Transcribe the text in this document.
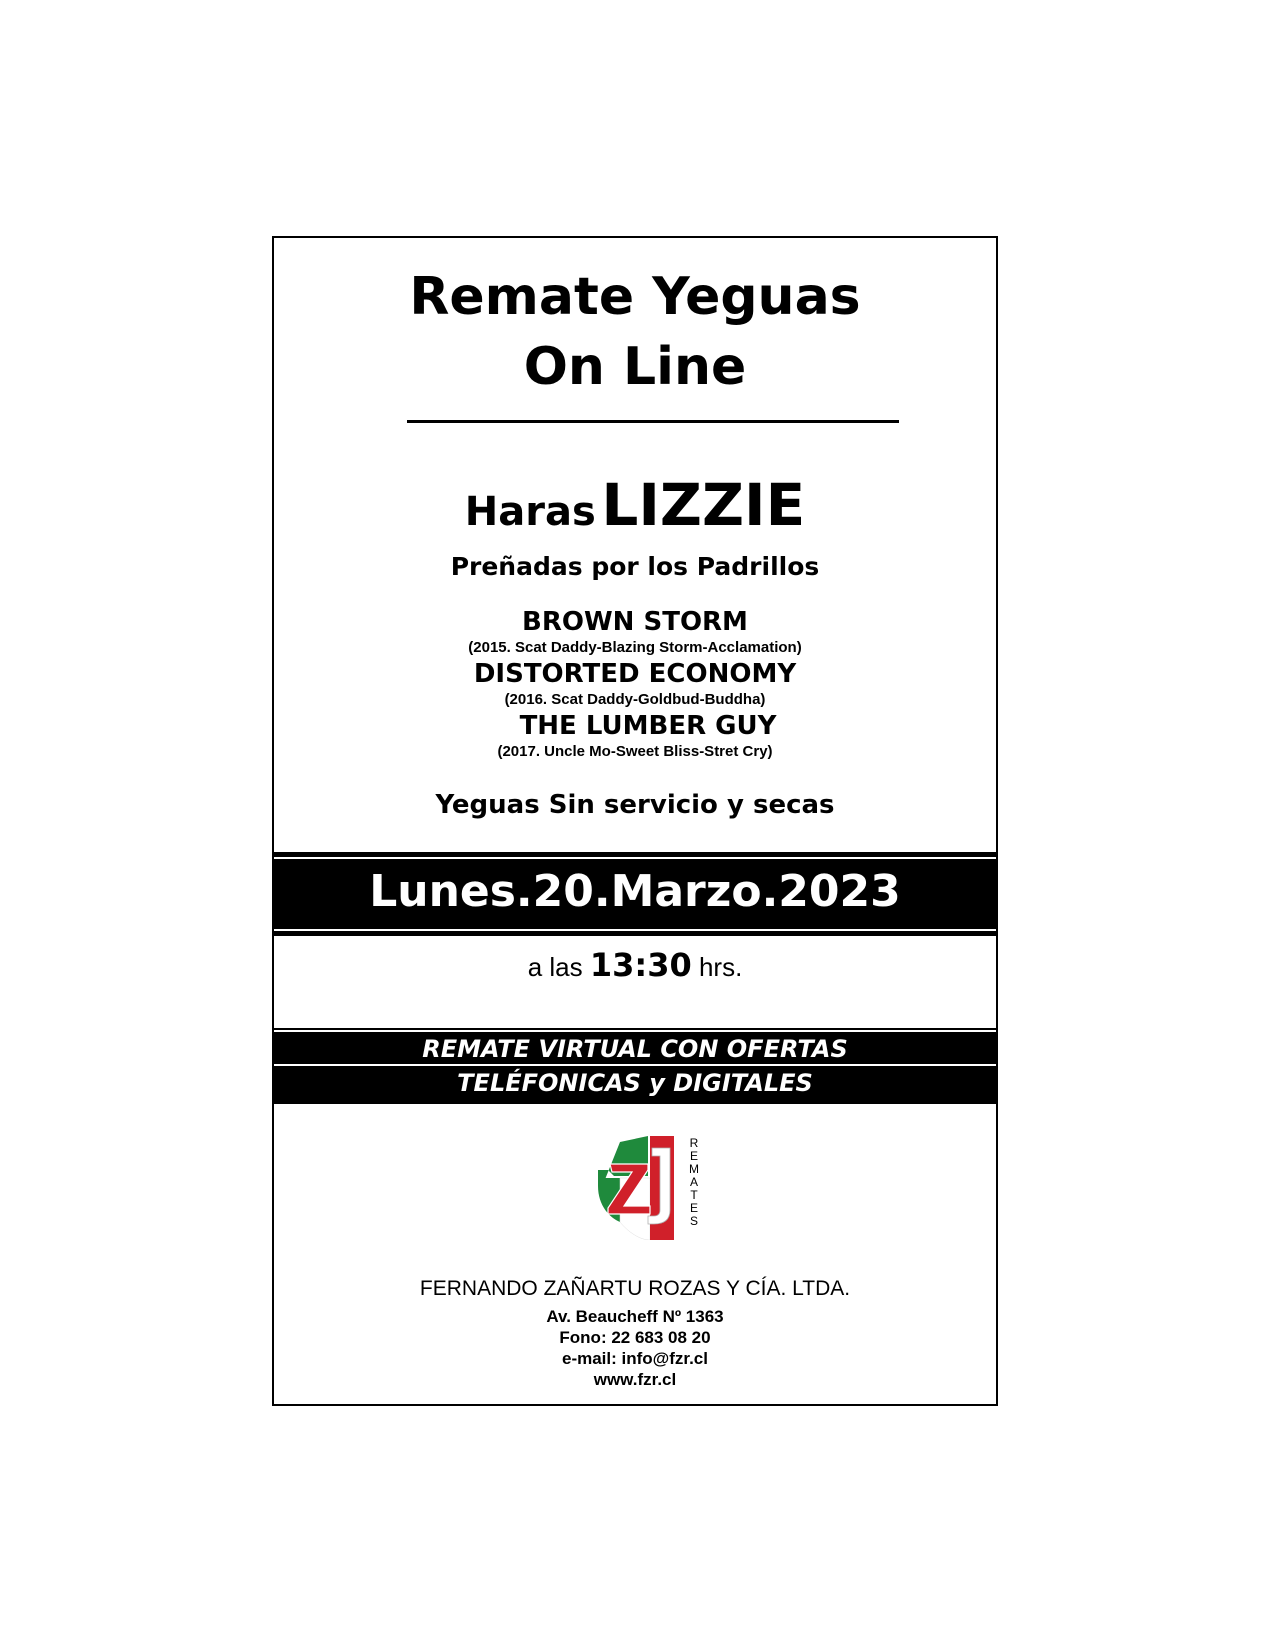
Remate Yeguas
On Line
Haras LIZZIE
Preñadas por los Padrillos
BROWN STORM
(2015. Scat Daddy-Blazing Storm-Acclamation)
DISTORTED ECONOMY
(2016. Scat Daddy-Goldbud-Buddha)
THE LUMBER GUY
(2017. Uncle Mo-Sweet Bliss-Stret Cry)
Yeguas Sin servicio y secas
Lunes.20.Marzo.2023
a las 13:30 hrs.
REMATE VIRTUAL CON OFERTAS
TELÉFONICAS y DIGITALES
R
E
M
A
T
E
S
FERNANDO ZAÑARTU ROZAS Y CÍA. LTDA.
Av. Beaucheff Nº 1363
Fono: 22 683 08 20
e-mail: info@fzr.cl
www.fzr.cl
